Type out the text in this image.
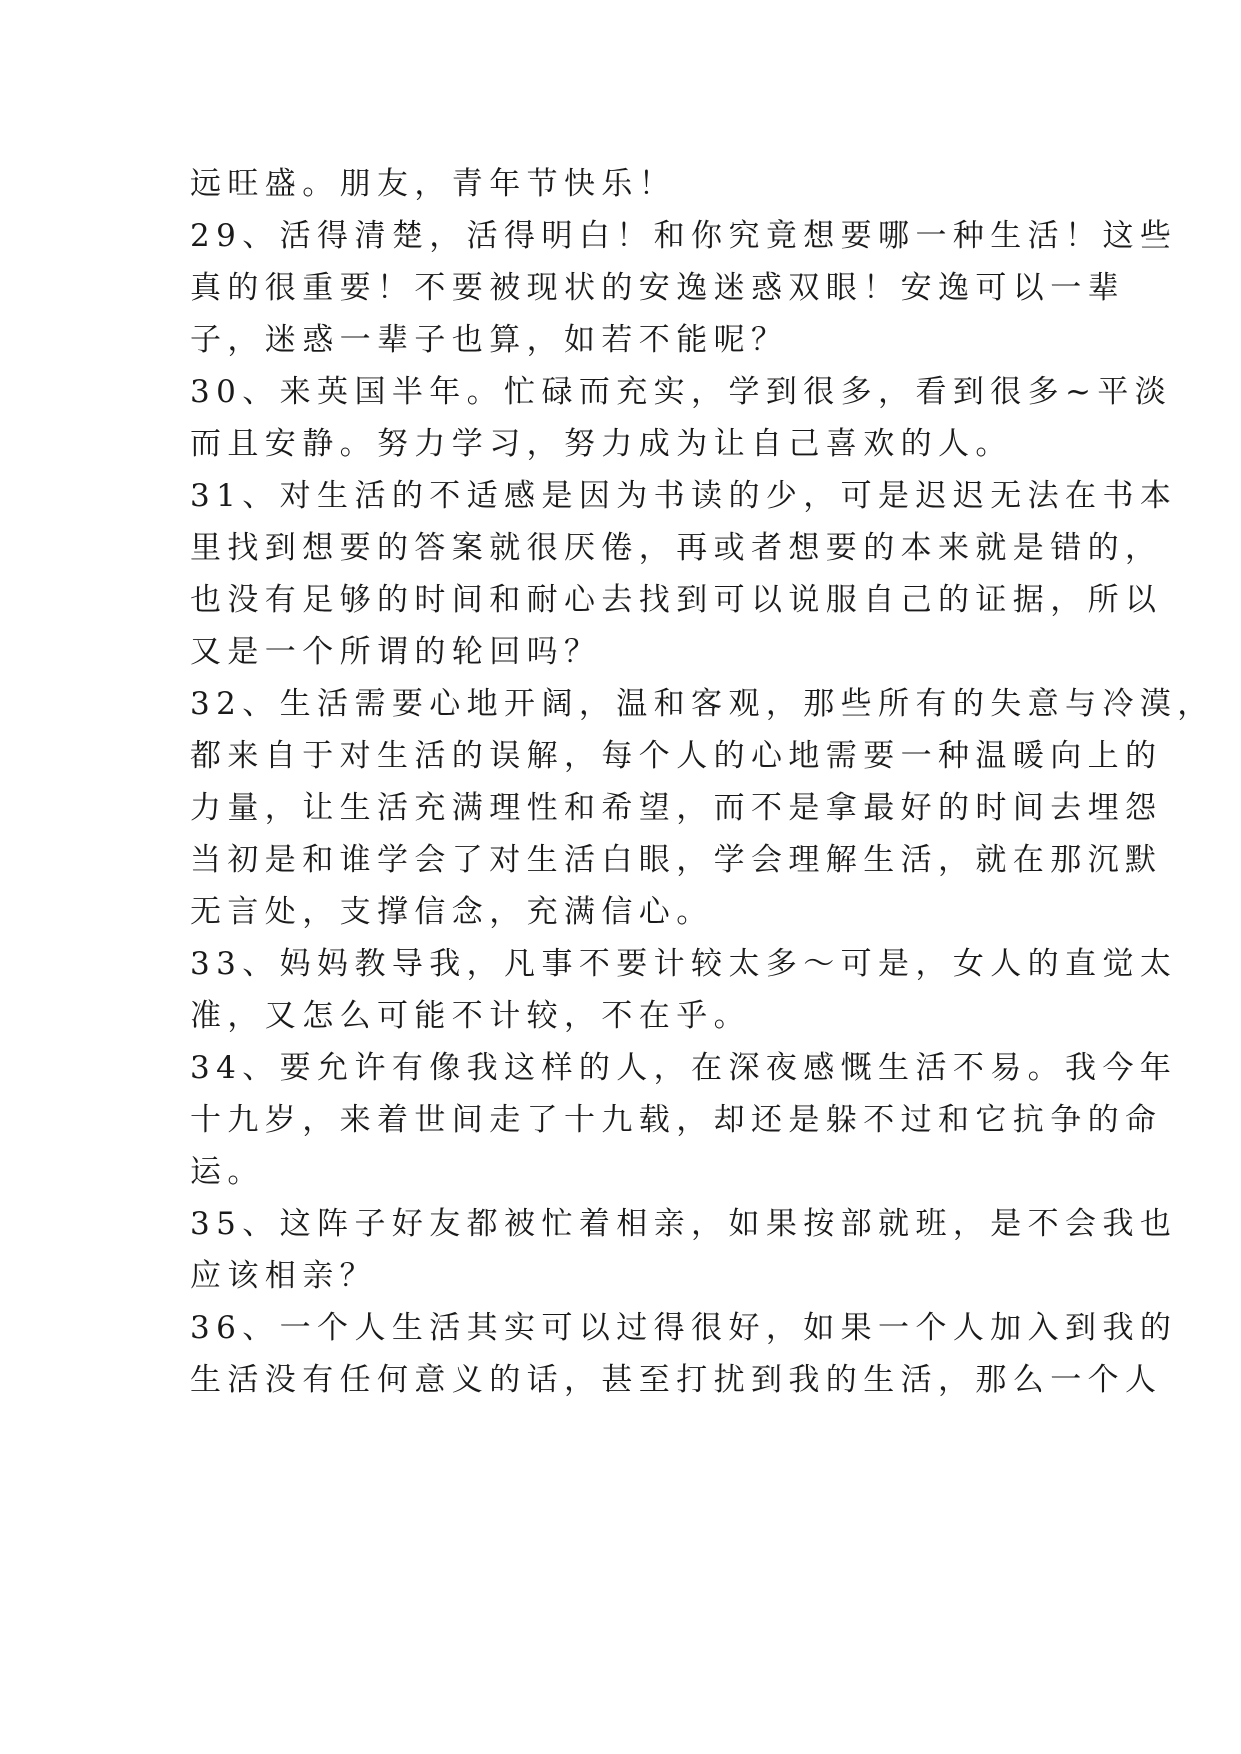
远旺盛。朋友，青年节快乐！

29、活得清楚，活得明白！和你究竟想要哪一种生活！这些

真的很重要！不要被现状的安逸迷惑双眼！安逸可以一辈

子，迷惑一辈子也算，如若不能呢？

30、来英国半年。忙碌而充实，学到很多，看到很多~平淡

而且安静。努力学习，努力成为让自己喜欢的人。

31、对生活的不适感是因为书读的少，可是迟迟无法在书本

里找到想要的答案就很厌倦，再或者想要的本来就是错的，

也没有足够的时间和耐心去找到可以说服自己的证据，所以

又是一个所谓的轮回吗？

32、生活需要心地开阔，温和客观，那些所有的失意与冷漠，

都来自于对生活的误解，每个人的心地需要一种温暖向上的

力量，让生活充满理性和希望，而不是拿最好的时间去埋怨

当初是和谁学会了对生活白眼，学会理解生活，就在那沉默

无言处，支撑信念，充满信心。

33、妈妈教导我，凡事不要计较太多～可是，女人的直觉太

准，又怎么可能不计较，不在乎。

34、要允许有像我这样的人，在深夜感慨生活不易。我今年

十九岁，来着世间走了十九载，却还是躲不过和它抗争的命

运。

35、这阵子好友都被忙着相亲，如果按部就班，是不会我也

应该相亲？

36、一个人生活其实可以过得很好，如果一个人加入到我的

生活没有任何意义的话，甚至打扰到我的生活，那么一个人
